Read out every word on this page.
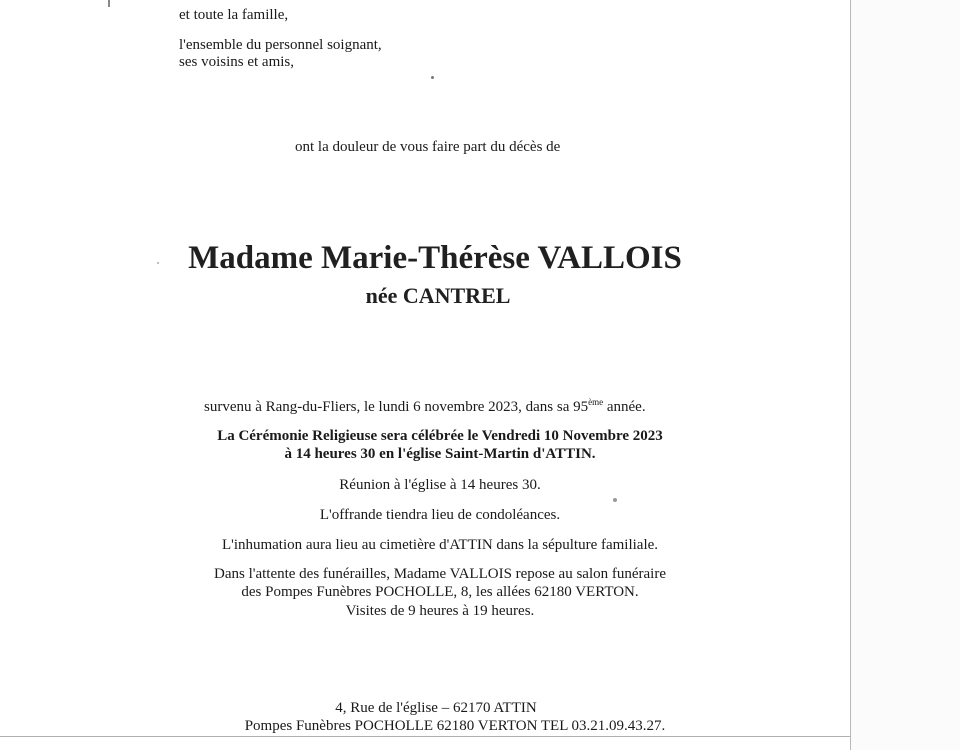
et toute la famille,
l'ensemble du personnel soignant,
ses voisins et amis,
ont la douleur de vous faire part du décès de
Madame Marie-Thérèse VALLOIS
née CANTREL
survenu à Rang-du-Fliers, le lundi 6 novembre 2023, dans sa 95ème année.
La Cérémonie Religieuse sera célébrée le Vendredi 10 Novembre 2023
à 14 heures 30 en l'église Saint-Martin d'ATTIN.
Réunion à l'église à 14 heures 30.
L'offrande tiendra lieu de condoléances.
L'inhumation aura lieu au cimetière d'ATTIN dans la sépulture familiale.
Dans l'attente des funérailles, Madame VALLOIS repose au salon funéraire
des Pompes Funèbres POCHOLLE, 8, les allées 62180 VERTON.
Visites de 9 heures à 19 heures.
4, Rue de l'église – 62170 ATTIN
Pompes Funèbres POCHOLLE 62180 VERTON TEL 03.21.09.43.27.
